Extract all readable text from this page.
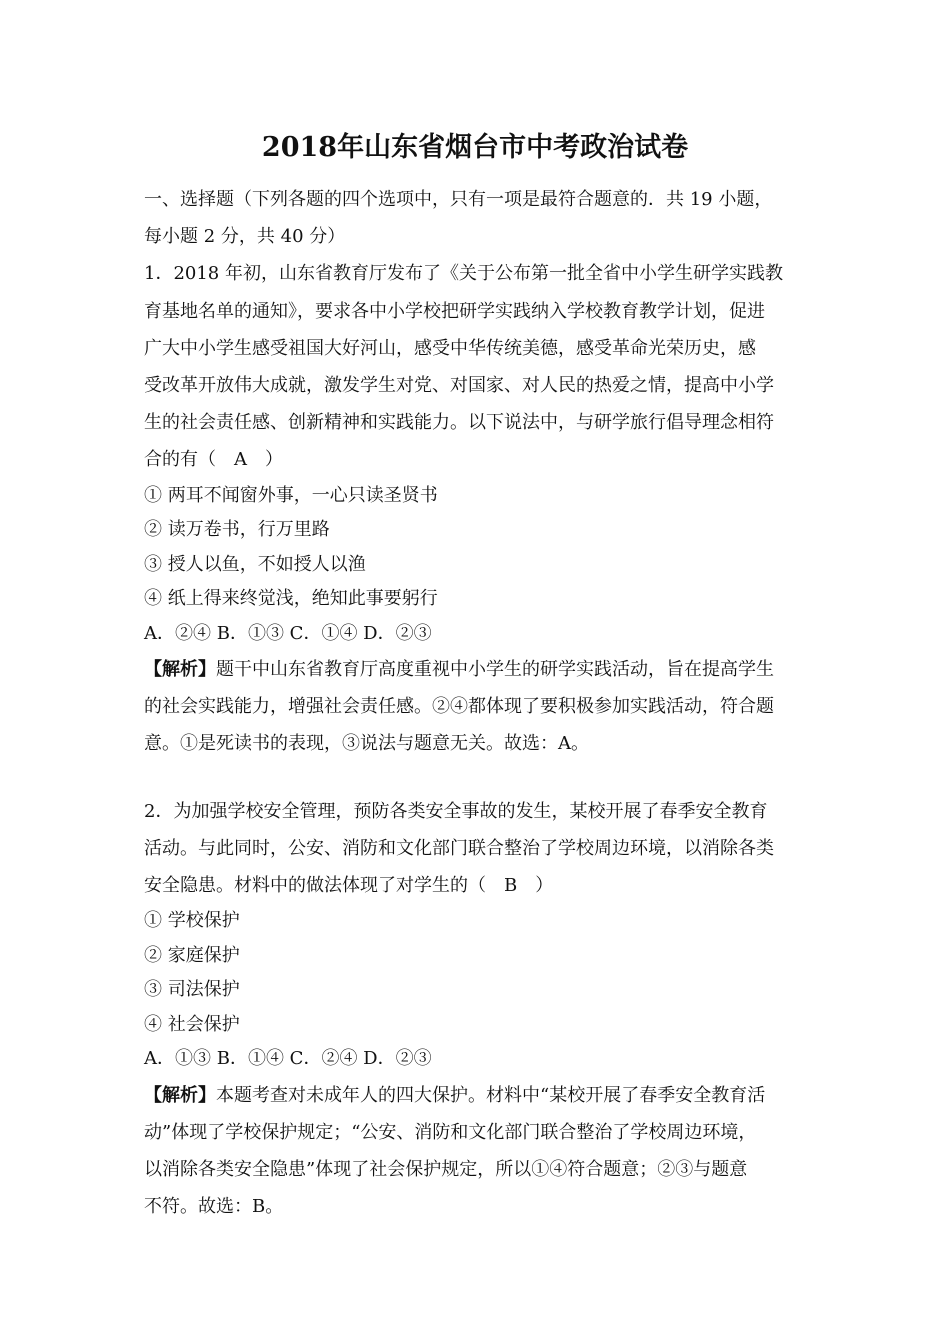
2018年山东省烟台市中考政治试卷
一、选择题（下列各题的四个选项中，只有一项是最符合题意的．共 19 小题，
每小题 2 分，共 40 分）
1．2018 年初，山东省教育厅发布了《关于公布第一批全省中小学生研学实践教
育基地名单的通知》，要求各中小学校把研学实践纳入学校教育教学计划，促进
广大中小学生感受祖国大好河山，感受中华传统美德，感受革命光荣历史，感
受改革开放伟大成就，激发学生对党、对国家、对人民的热爱之情，提高中小学
生的社会责任感、创新精神和实践能力。以下说法中，与研学旅行倡导理念相符
合的有（　A　）
① 两耳不闻窗外事，一心只读圣贤书
② 读万卷书，行万里路
③ 授人以鱼，不如授人以渔
④ 纸上得来终觉浅，绝知此事要躬行
A．②④ B．①③ C．①④ D．②③
【解析】题干中山东省教育厅高度重视中小学生的研学实践活动，旨在提高学生
的社会实践能力，增强社会责任感。②④都体现了要积极参加实践活动，符合题
意。①是死读书的表现，③说法与题意无关。故选：A。
2．为加强学校安全管理，预防各类安全事故的发生，某校开展了春季安全教育
活动。与此同时，公安、消防和文化部门联合整治了学校周边环境，以消除各类
安全隐患。材料中的做法体现了对学生的（　B　）
① 学校保护
② 家庭保护
③ 司法保护
④ 社会保护
A．①③ B．①④ C．②④ D．②③
【解析】本题考查对未成年人的四大保护。材料中“某校开展了春季安全教育活
动”体现了学校保护规定；“公安、消防和文化部门联合整治了学校周边环境，
以消除各类安全隐患”体现了社会保护规定，所以①④符合题意；②③与题意
不符。故选：B。
